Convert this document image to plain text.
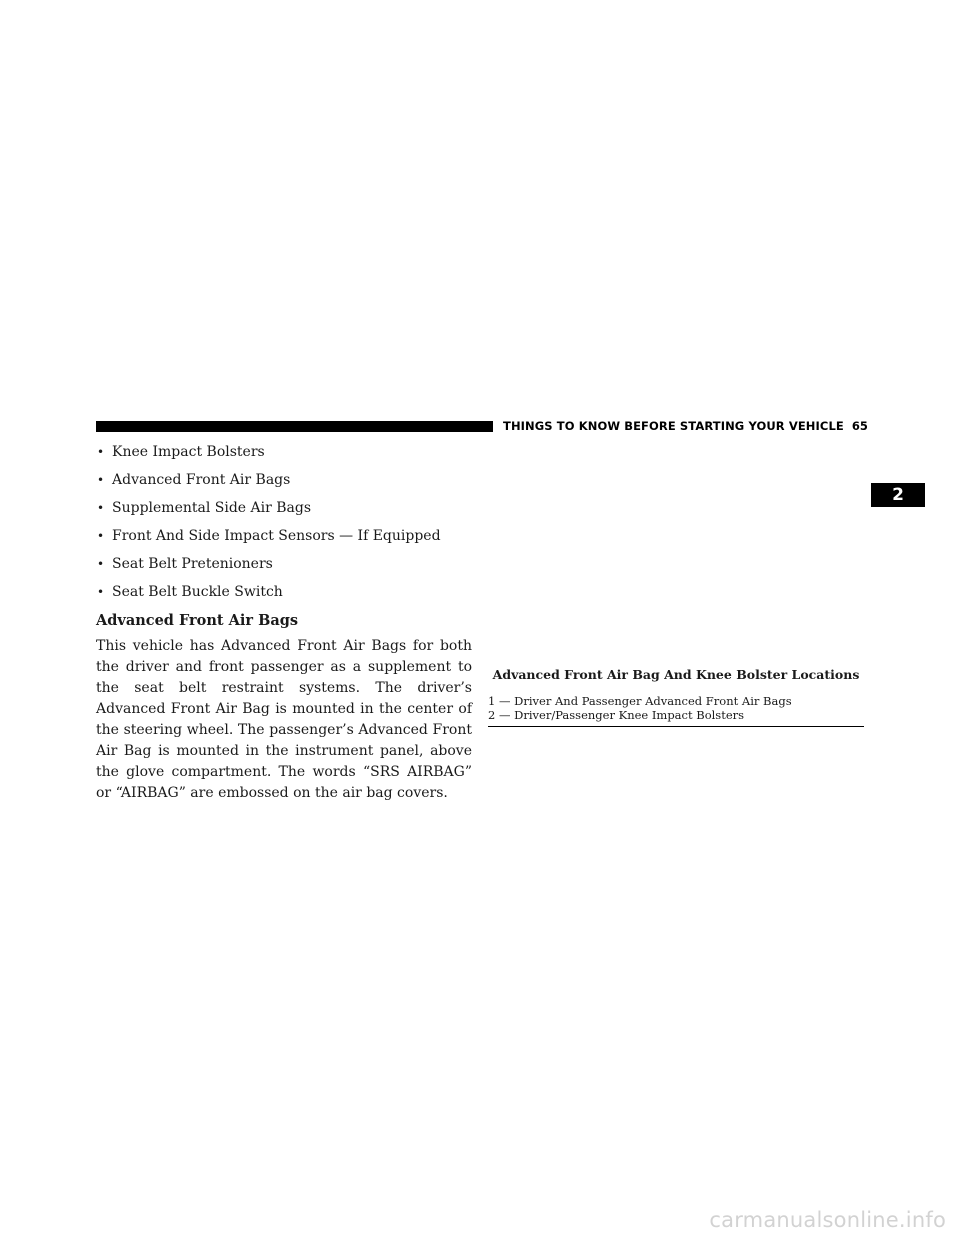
THINGS TO KNOW BEFORE STARTING YOUR VEHICLE 65
2
• Knee Impact Bolsters
• Advanced Front Air Bags
• Supplemental Side Air Bags
• Front And Side Impact Sensors — If Equipped
• Seat Belt Pretenioners
• Seat Belt Buckle Switch
Advanced Front Air Bags

This vehicle has Advanced Front Air Bags for both the driver and front passenger as a supplement to the seat belt restraint systems. The driver’s Advanced Front Air Bag is mounted in the center of the steering wheel. The passenger’s Advanced Front Air Bag is mounted in the instrument panel, above the glove compartment. The words “SRS AIRBAG” or “AIRBAG” are embossed on the air bag covers.

Advanced Front Air Bag And Knee Bolster Locations

1 — Driver And Passenger Advanced Front Air Bags
2 — Driver/Passenger Knee Impact Bolsters
carmanualsonline.info
